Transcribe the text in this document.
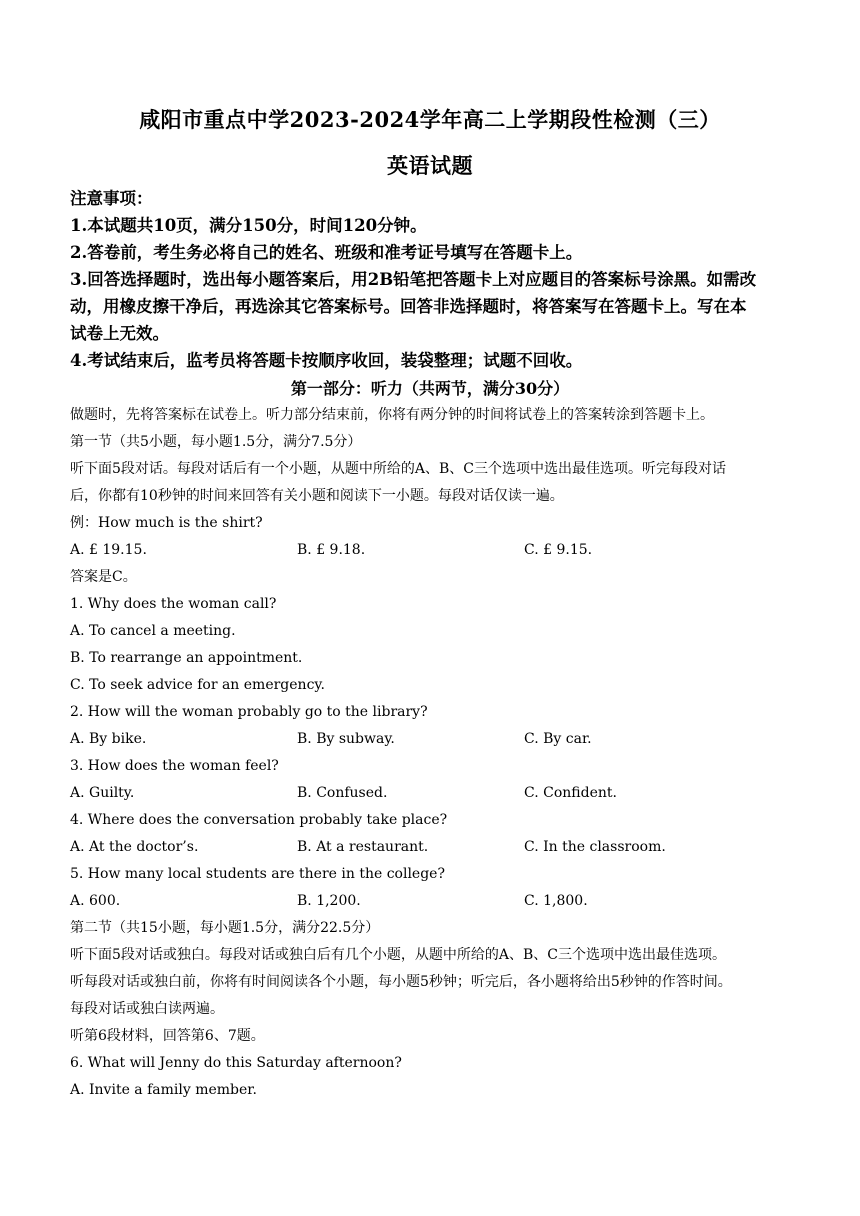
咸阳市重点中学2023-2024学年高二上学期段性检测（三）
英语试题
注意事项：
1.本试题共10页，满分150分，时间120分钟。
2.答卷前，考生务必将自己的姓名、班级和准考证号填写在答题卡上。
3.回答选择题时，选出每小题答案后，用2B铅笔把答题卡上对应题目的答案标号涂黑。如需改
动，用橡皮擦干净后，再选涂其它答案标号。回答非选择题时，将答案写在答题卡上。写在本
试卷上无效。
4.考试结束后，监考员将答题卡按顺序收回，装袋整理；试题不回收。
第一部分：听力（共两节，满分30分）
做题时，先将答案标在试卷上。听力部分结束前，你将有两分钟的时间将试卷上的答案转涂到答题卡上。
第一节（共5小题，每小题1.5分，满分7.5分）
听下面5段对话。每段对话后有一个小题，从题中所给的A、B、C三个选项中选出最佳选项。听完每段对话
后，你都有10秒钟的时间来回答有关小题和阅读下一小题。每段对话仅读一遍。
例：How much is the shirt?
A. £ 19.15.	B. £ 9.18.	C. £ 9.15.
答案是C。
1. Why does the woman call?
A. To cancel a meeting.
B. To rearrange an appointment.
C. To seek advice for an emergency.
2. How will the woman probably go to the library?
A. By bike.	B. By subway.	C. By car.
3. How does the woman feel?
A. Guilty.	B. Confused.	C. Confident.
4. Where does the conversation probably take place?
A. At the doctor’s.	B. At a restaurant.	C. In the classroom.
5. How many local students are there in the college?
A. 600.	B. 1,200.	C. 1,800.
第二节（共15小题，每小题1.5分，满分22.5分）
听下面5段对话或独白。每段对话或独白后有几个小题，从题中所给的A、B、C三个选项中选出最佳选项。
听每段对话或独白前，你将有时间阅读各个小题，每小题5秒钟；听完后，各小题将给出5秒钟的作答时间。
每段对话或独白读两遍。
听第6段材料，回答第6、7题。
6. What will Jenny do this Saturday afternoon?
A. Invite a family member.
